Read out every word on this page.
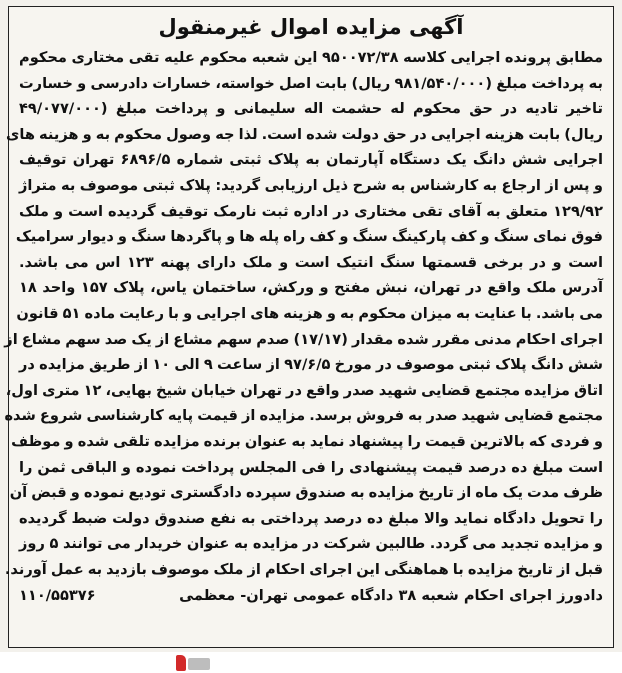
آگهی مزایده اموال غیرمنقول
مطابق پرونده اجرایی کلاسه ۹۵۰۰۷۲/۳۸ این شعبه محکوم علیه تقی مختاری محکوم
به پرداخت مبلغ (۹۸۱/۵۴۰/۰۰۰ ریال) بابت اصل خواسته، خسارات دادرسی و خسارت
تاخیر تادیه در حق محکوم له حشمت اله سلیمانی و پرداخت مبلغ (۴۹/۰۷۷/۰۰۰
ریال) بابت هزینه اجرایی در حق دولت شده است. لذا جه وصول محکوم به و هزینه های
اجرایی شش دانگ یک دستگاه آپارتمان به پلاک ثبتی شماره ۶۸۹۶/۵ تهران توقیف
و پس از ارجاع به کارشناس به شرح ذیل ارزیابی گردید: پلاک ثبتی موصوف به متراژ
۱۲۹/۹۲ متعلق به آقای تقی مختاری در اداره ثبت نارمک توقیف گردیده است و ملک
فوق نمای سنگ و کف پارکینگ سنگ و کف راه پله ها و پاگردها سنگ و دیوار سرامیک
است و در برخی قسمتها سنگ انتیک است و ملک دارای پهنه ۱۲۳ اس می باشد.
آدرس ملک واقع در تهران، نبش مفتح و ورکش، ساختمان یاس، پلاک ۱۵۷ واحد ۱۸
می باشد. با عنایت به میزان محکوم به و هزینه های اجرایی و با رعایت ماده ۵۱ قانون
اجرای احکام مدنی مقرر شده مقدار (۱۷/۱۷) صدم سهم مشاع از یک صد سهم مشاع از
شش دانگ پلاک ثبتی موصوف در مورخ ۹۷/۶/۵ از ساعت ۹ الی ۱۰ از طریق مزایده در
اتاق مزایده مجتمع قضایی شهید صدر واقع در تهران خیابان شیخ بهایی، ۱۲ متری اول،
مجتمع قضایی شهید صدر به فروش برسد. مزایده از قیمت پایه کارشناسی شروع شده
و فردی که بالاترین قیمت را پیشنهاد نماید به عنوان برنده مزایده تلقی شده و موظف
است مبلغ ده درصد قیمت پیشنهادی را فی المجلس پرداخت نموده و الباقی ثمن را
ظرف مدت یک ماه از تاریخ مزایده به صندوق سپرده دادگستری تودیع نموده و قبض آن
را تحویل دادگاه نماید والا مبلغ ده درصد پرداختی به نفع صندوق دولت ضبط گردیده
و مزایده تجدید می گردد. طالبین شرکت در مزایده به عنوان خریدار می توانند ۵ روز
قبل از تاریخ مزایده با هماهنگی این اجرای احکام از ملک موصوف بازدید به عمل آورند.
دادورز اجرای احکام شعبه ۳۸ دادگاه عمومی تهران- معظمی
۱۱۰/۵۵۳۷۶
